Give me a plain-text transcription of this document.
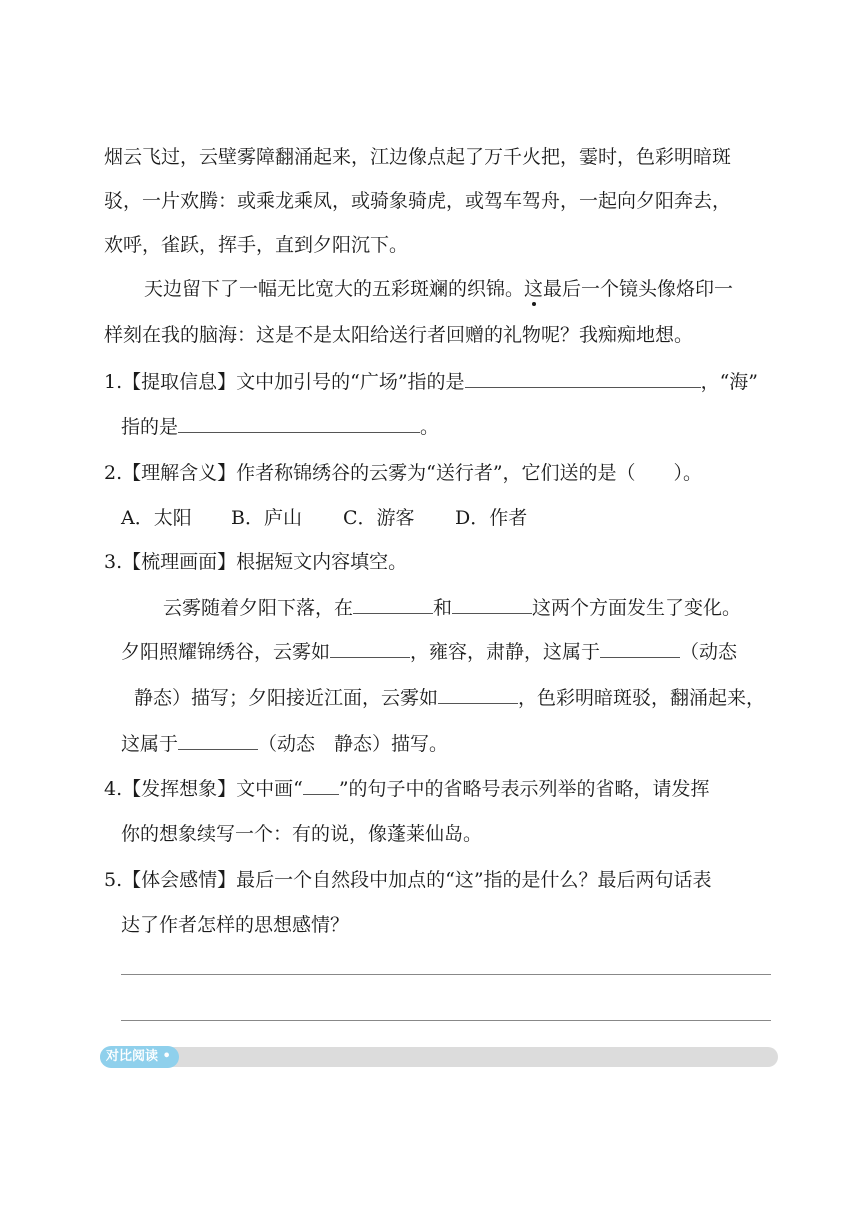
烟云飞过，云壁雾障翻涌起来，江边像点起了万千火把，霎时，色彩明暗斑
驳，一片欢腾：或乘龙乘凤，或骑象骑虎，或驾车驾舟，一起向夕阳奔去，
欢呼，雀跃，挥手，直到夕阳沉下。
天边留下了一幅无比宽大的五彩斑斓的织锦。这最后一个镜头像烙印一
样刻在我的脑海：这是不是太阳给送行者回赠的礼物呢？我痴痴地想。
1.【提取信息】文中加引号的“广场”指的是	，“海”
指的是	。
2.【理解含义】作者称锦绣谷的云雾为“送行者”，它们送的是（　　）。
A．太阳 B．庐山 C．游客 D．作者
3.【梳理画面】根据短文内容填空。
云雾随着夕阳下落，在	和	这两个方面发生了变化。
夕阳照耀锦绣谷，云雾如	，雍容，肃静，这属于	（动态
静态）描写；夕阳接近江面，云雾如	，色彩明暗斑驳，翻涌起来，
这属于	（动态　静态）描写。
4.【发挥想象】文中画“ ”的句子中的省略号表示列举的省略，请发挥
你的想象续写一个：有的说，像蓬莱仙岛。
5.【体会感情】最后一个自然段中加点的“这”指的是什么？最后两句话表
达了作者怎样的思想感情？
对比阅读 •
